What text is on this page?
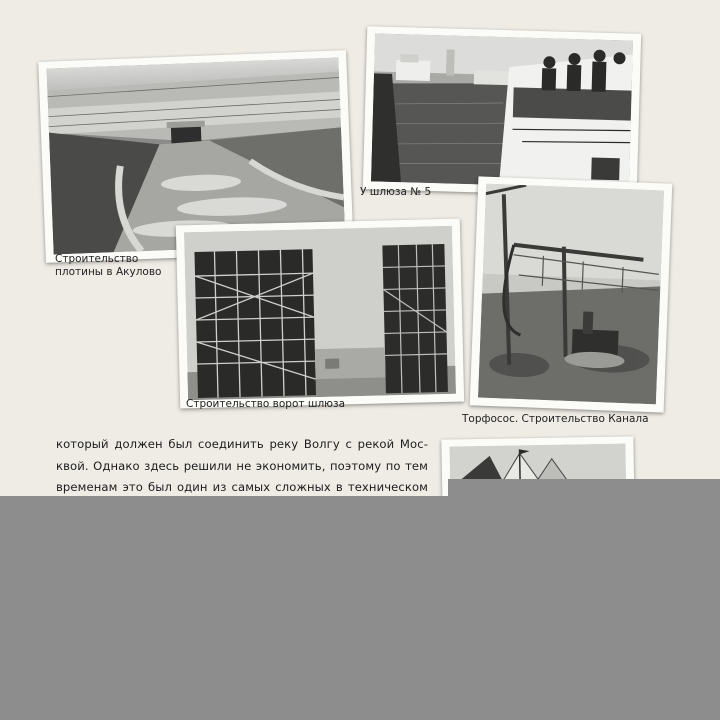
Строительство
плотины в Акулово
У шлюза № 5
Строительство ворот шлюза
Торфосос. Строительство Канала
который должен был соединить реку Волгу с рекой Мос-
квой. Однако здесь решили не экономить, поэтому по тем
временам это был один из самых сложных в техническом
